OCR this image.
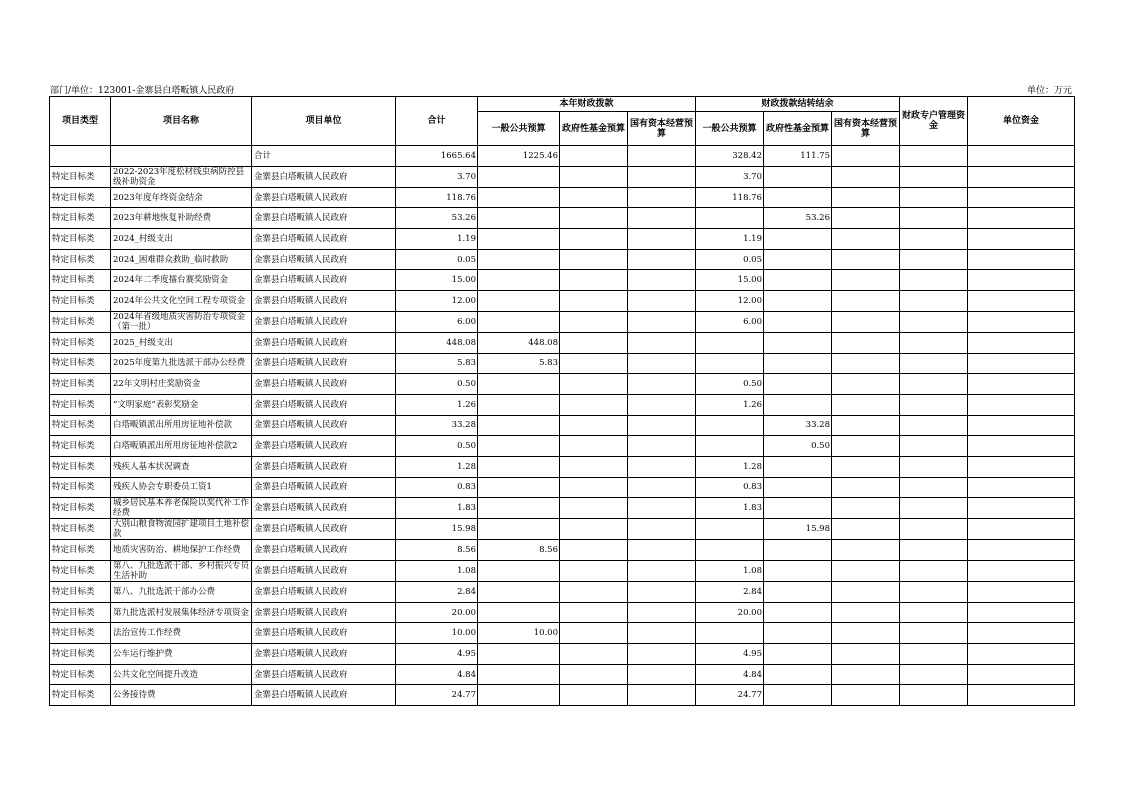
部门/单位：123001-金寨县白塔畈镇人民政府	单位：万元
项目类型	项目名称	项目单位	合计	本年财政拨款			财政拨款结转结余			财政专户管理资金	单位资金
				一般公共预算	政府性基金预算	国有资本经营预算	一般公共预算	政府性基金预算	国有资本经营预算		
		合计	1665.64	1225.46			328.42	111.75			
特定目标类	2022-2023年度松材线虫病防控县级补助资金	金寨县白塔畈镇人民政府	3.70				3.70				
特定目标类	2023年度年终资金结余	金寨县白塔畈镇人民政府	118.76				118.76				
特定目标类	2023年耕地恢复补助经费	金寨县白塔畈镇人民政府	53.26					53.26			
特定目标类	2024_村级支出	金寨县白塔畈镇人民政府	1.19				1.19				
特定目标类	2024_困难群众救助_临时救助	金寨县白塔畈镇人民政府	0.05				0.05				
特定目标类	2024年二季度擂台赛奖励资金	金寨县白塔畈镇人民政府	15.00				15.00				
特定目标类	2024年公共文化空间工程专项资金	金寨县白塔畈镇人民政府	12.00				12.00				
特定目标类	2024年省级地质灾害防治专项资金（第一批）	金寨县白塔畈镇人民政府	6.00				6.00				
特定目标类	2025_村级支出	金寨县白塔畈镇人民政府	448.08	448.08							
特定目标类	2025年度第九批选派干部办公经费	金寨县白塔畈镇人民政府	5.83	5.83							
特定目标类	22年文明村庄奖励资金	金寨县白塔畈镇人民政府	0.50				0.50				
特定目标类	“文明家庭”表彰奖励金	金寨县白塔畈镇人民政府	1.26				1.26				
特定目标类	白塔畈镇派出所用房征地补偿款	金寨县白塔畈镇人民政府	33.28					33.28			
特定目标类	白塔畈镇派出所用房征地补偿款2	金寨县白塔畈镇人民政府	0.50					0.50			
特定目标类	残疾人基本状况调查	金寨县白塔畈镇人民政府	1.28				1.28				
特定目标类	残疾人协会专职委员工资1	金寨县白塔畈镇人民政府	0.83				0.83				
特定目标类	城乡居民基本养老保险以奖代补工作经费	金寨县白塔畈镇人民政府	1.83				1.83				
特定目标类	大别山粮食物流园扩建项目土地补偿款	金寨县白塔畈镇人民政府	15.98					15.98			
特定目标类	地质灾害防治、耕地保护工作经费	金寨县白塔畈镇人民政府	8.56	8.56							
特定目标类	第八、九批选派干部、乡村振兴专员生活补助	金寨县白塔畈镇人民政府	1.08				1.08				
特定目标类	第八、九批选派干部办公费	金寨县白塔畈镇人民政府	2.84				2.84				
特定目标类	第九批选派村发展集体经济专项资金	金寨县白塔畈镇人民政府	20.00				20.00				
特定目标类	法治宣传工作经费	金寨县白塔畈镇人民政府	10.00	10.00							
特定目标类	公车运行维护费	金寨县白塔畈镇人民政府	4.95				4.95				
特定目标类	公共文化空间提升改造	金寨县白塔畈镇人民政府	4.84				4.84				
特定目标类	公务接待费	金寨县白塔畈镇人民政府	24.77				24.77				
